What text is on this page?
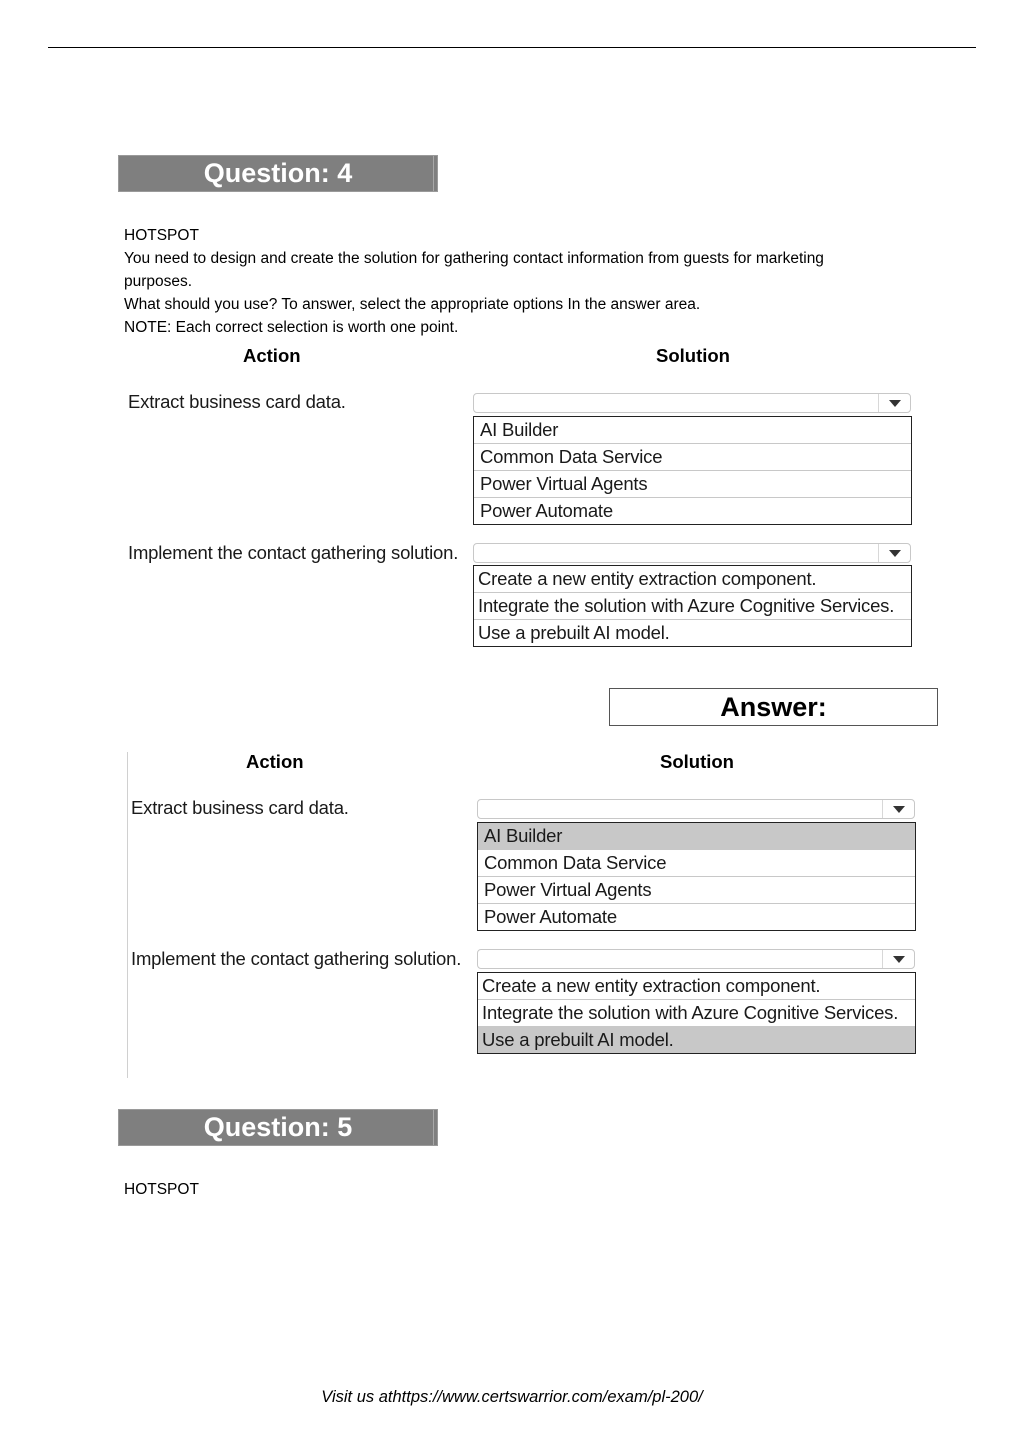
Question: 4
HOTSPOT
You need to design and create the solution for gathering contact information from guests for marketing
purposes.
What should you use? To answer, select the appropriate options In the answer area.
NOTE: Each correct selection is worth one point.
Action	Solution
Extract business card data.
AI Builder
Common Data Service
Power Virtual Agents
Power Automate
Implement the contact gathering solution.
Create a new entity extraction component.
Integrate the solution with Azure Cognitive Services.
Use a prebuilt AI model.
Answer:
Action	Solution
Extract business card data.
AI Builder
Common Data Service
Power Virtual Agents
Power Automate
Implement the contact gathering solution.
Create a new entity extraction component.
Integrate the solution with Azure Cognitive Services.
Use a prebuilt AI model.
Question: 5
HOTSPOT
Visit us athttps://www.certswarrior.com/exam/pl-200/
